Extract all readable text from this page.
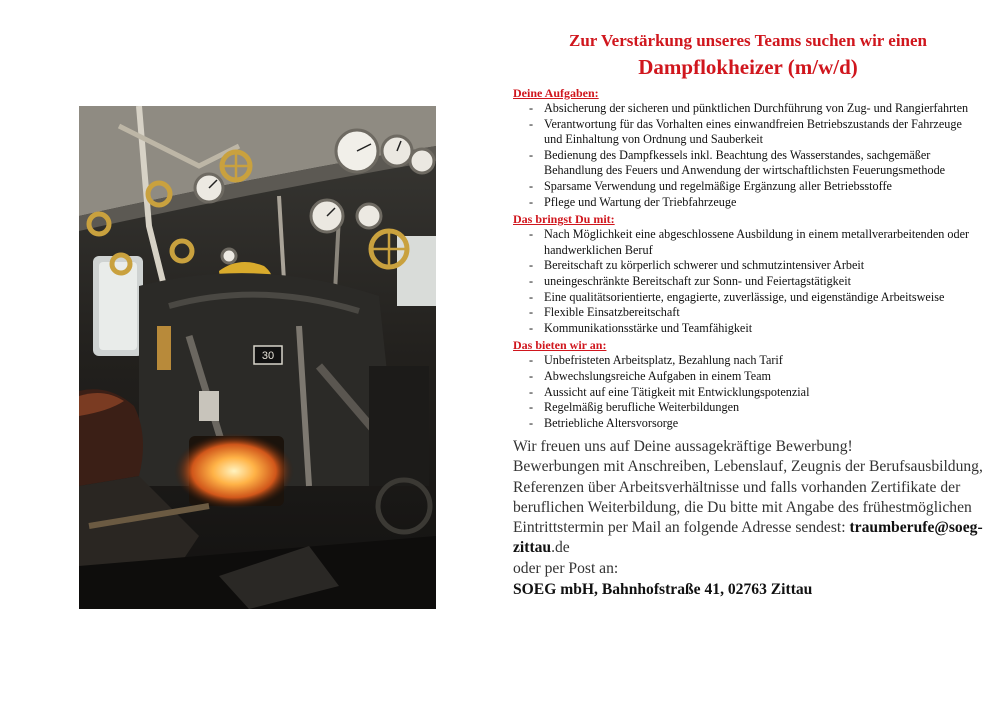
30
Zur Verstärkung unseres Teams suchen wir einen
Dampflokheizer (m/w/d)
Deine Aufgaben:
- Absicherung der sicheren und pünktlichen Durchführung von Zug- und Rangierfahrten
- Verantwortung für das Vorhalten eines einwandfreien Betriebszustands der Fahrzeuge und Einhaltung von Ordnung und Sauberkeit
- Bedienung des Dampfkessels inkl. Beachtung des Wasserstandes, sachgemäßer Behandlung des Feuers und Anwendung der wirtschaftlichsten Feuerungsmethode
- Sparsame Verwendung und regelmäßige Ergänzung aller Betriebsstoffe
- Pflege und Wartung der Triebfahrzeuge
Das bringst Du mit:
- Nach Möglichkeit eine abgeschlossene Ausbildung in einem metallverarbeitenden oder handwerklichen Beruf
- Bereitschaft zu körperlich schwerer und schmutzintensiver Arbeit
- uneingeschränkte Bereitschaft zur Sonn- und Feiertagstätigkeit
- Eine qualitätsorientierte, engagierte, zuverlässige, und eigenständige Arbeitsweise
- Flexible Einsatzbereitschaft
- Kommunikationsstärke und Teamfähigkeit
Das bieten wir an:
- Unbefristeten Arbeitsplatz, Bezahlung nach Tarif
- Abwechslungsreiche Aufgaben in einem Team
- Aussicht auf eine Tätigkeit mit Entwicklungspotenzial
- Regelmäßig berufliche Weiterbildungen
- Betriebliche Altersvorsorge
Wir freuen uns auf Deine aussagekräftige Bewerbung!
Bewerbungen mit Anschreiben, Lebenslauf, Zeugnis der Berufsausbildung, Referenzen über Arbeitsverhältnisse und falls vorhanden Zertifikate der beruflichen Weiterbildung, die Du bitte mit Angabe des frühestmöglichen Eintrittstermin per Mail an folgende Adresse sendest: traumberufe@soeg-zittau.de
oder per Post an:
SOEG mbH, Bahnhofstraße 41, 02763 Zittau
